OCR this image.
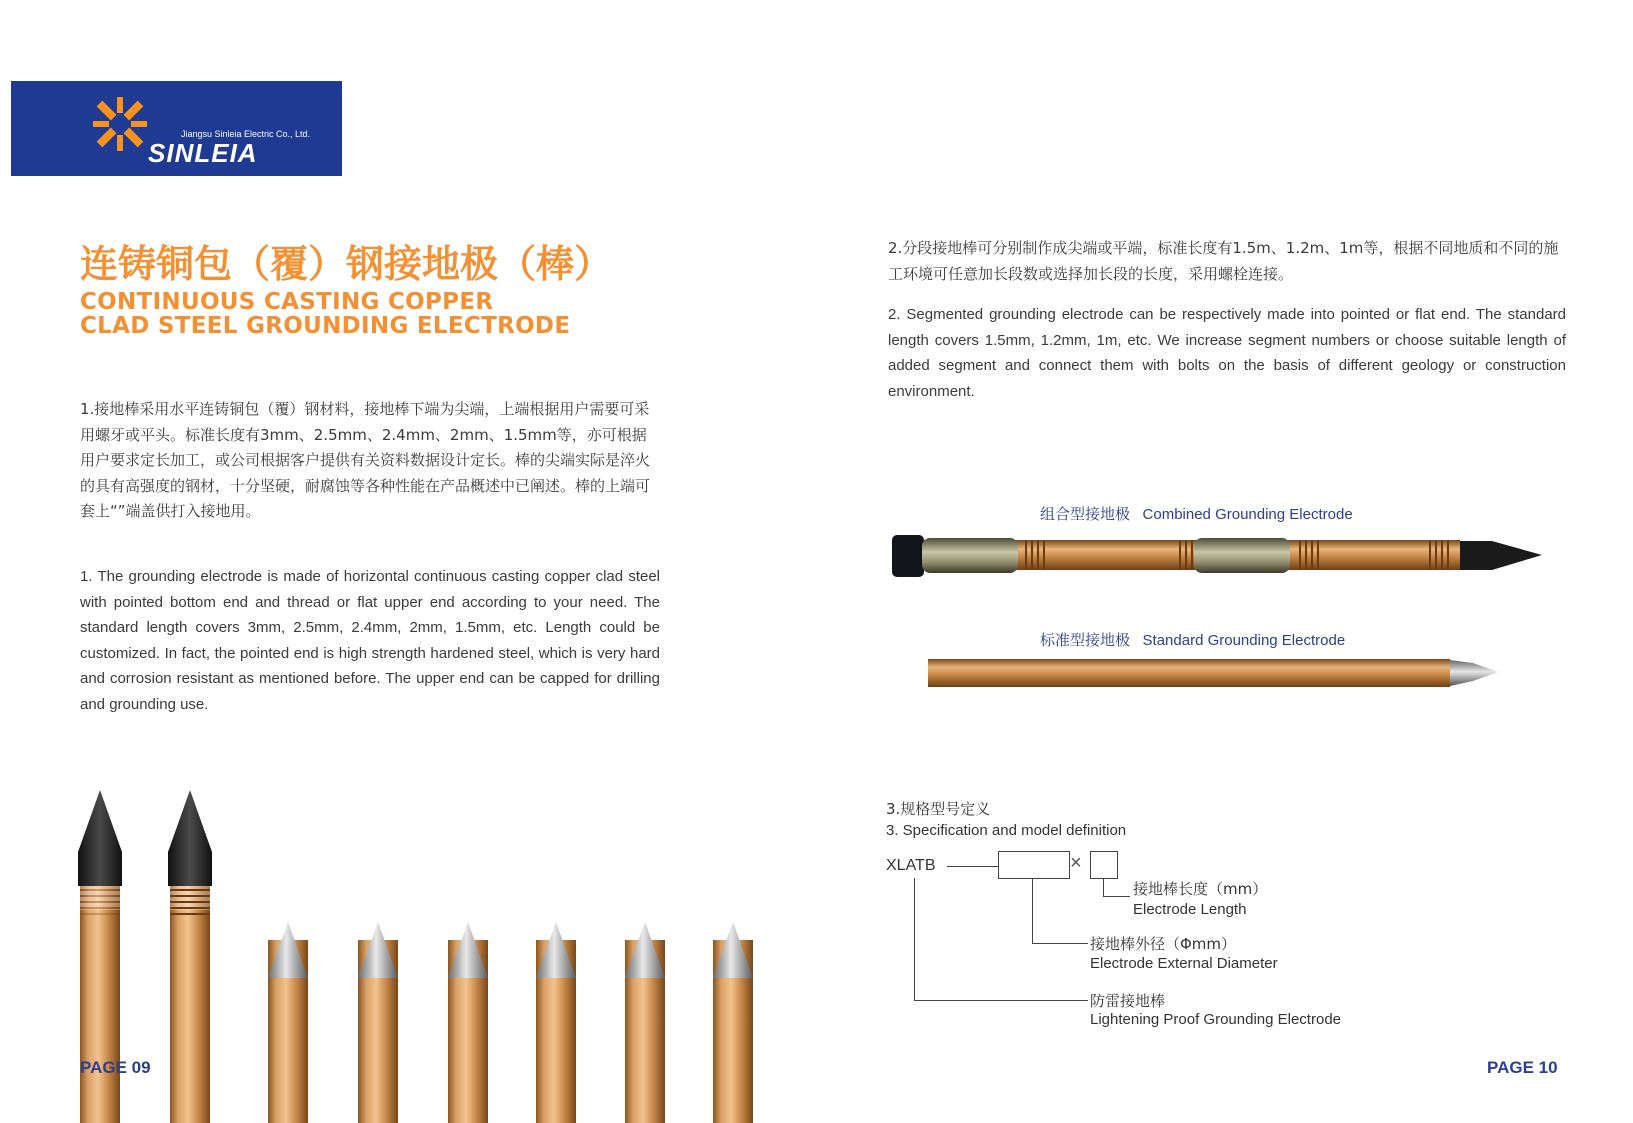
Jiangsu Sinleia Electric Co., Ltd.
SINLEIA
连铸铜包（覆）钢接地极（棒）
CONTINUOUS CASTING COPPER
CLAD STEEL GROUNDING ELECTRODE
1.接地棒采用水平连铸铜包（覆）钢材料，接地棒下端为尖端，上端根据用户需要可采用螺牙或平头。标准长度有3mm、2.5mm、2.4mm、2mm、1.5mm等，亦可根据用户要求定长加工，或公司根据客户提供有关资料数据设计定长。棒的尖端实际是淬火的具有高强度的钢材，十分坚硬，耐腐蚀等各种性能在产品概述中已阐述。棒的上端可套上“”端盖供打入接地用。
1. The grounding electrode is made of horizontal continuous casting copper clad steel with pointed bottom end and thread or flat upper end according to your need. The standard length covers 3mm, 2.5mm, 2.4mm, 2mm, 1.5mm, etc. Length could be customized. In fact, the pointed end is high strength hardened steel, which is very hard and corrosion resistant as mentioned before. The upper end can be capped for drilling and grounding use.
2.分段接地棒可分别制作成尖端或平端，标准长度有1.5m、1.2m、1m等，根据不同地质和不同的施工环境可任意加长段数或选择加长段的长度，采用螺栓连接。
2. Segmented grounding electrode can be respectively made into pointed or flat end. The standard length covers 1.5mm, 1.2mm, 1m, etc. We increase segment numbers or choose suitable length of added segment and connect them with bolts on the basis of different geology or construction environment.
组合型接地极 Combined Grounding Electrode
标准型接地极 Standard Grounding Electrode
3.规格型号定义
3. Specification and model definition
XLATB	×
接地棒长度（mm）
Electrode Length
接地棒外径（Φmm）
Electrode External Diameter
防雷接地棒
Lightening Proof Grounding Electrode
PAGE 09	PAGE 10
